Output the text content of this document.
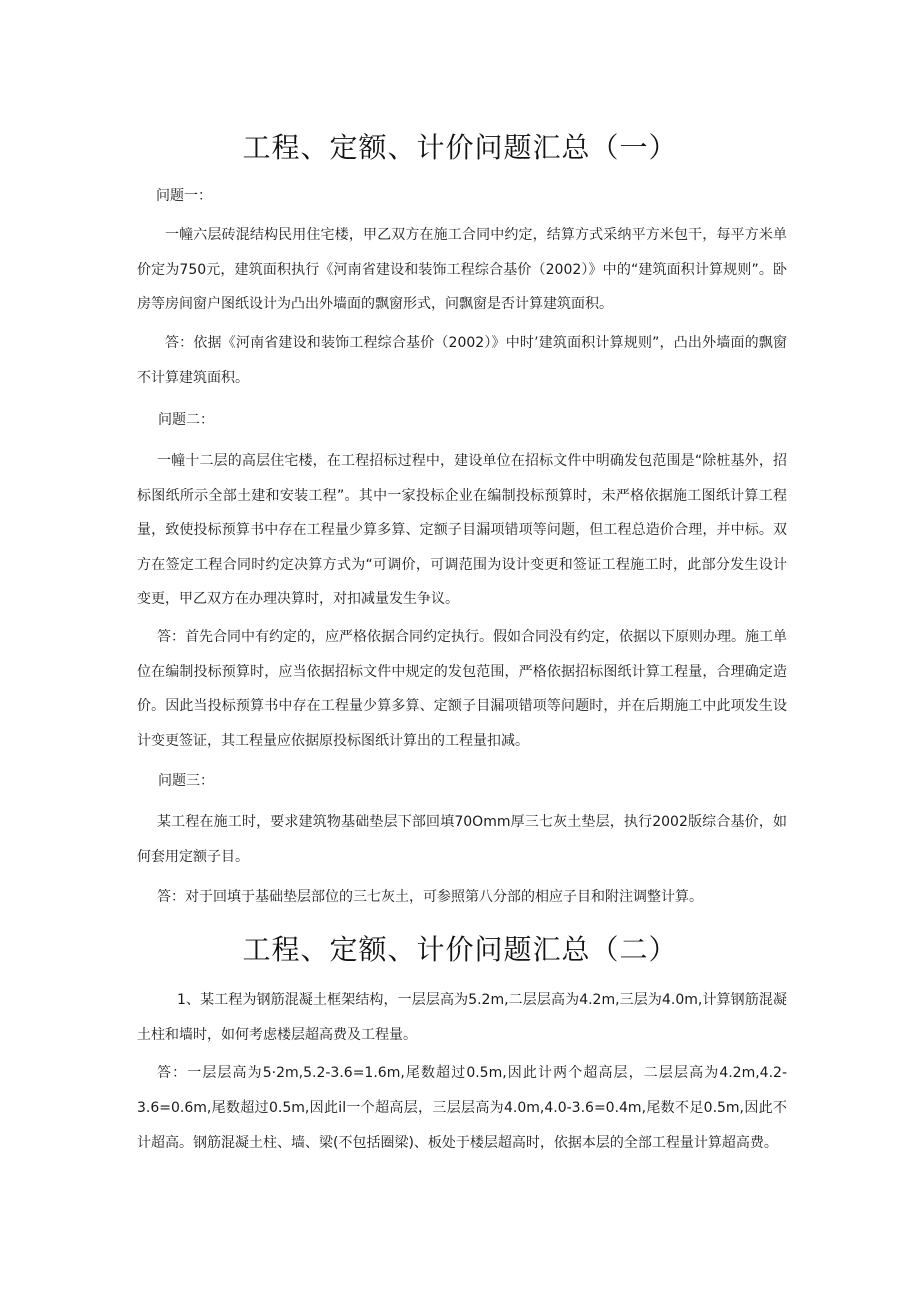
工程、定额、计价问题汇总（一）

问题一：

一幢六层砖混结构民用住宅楼，甲乙双方在施工合同中约定，结算方式采纳平方米包干，每平方米单价定为750元，建筑面积执行《河南省建设和装饰工程综合基价（2002）》中的“建筑面积计算规则”。卧房等房间窗户图纸设计为凸出外墙面的飘窗形式，问飘窗是否计算建筑面积。

答：依据《河南省建设和装饰工程综合基价（2002）》中时’建筑面积计算规则”，凸出外墙面的飘窗不计算建筑面积。

问题二：

一幢十二层的高层住宅楼，在工程招标过程中，建设单位在招标文件中明确发包范围是“除桩基外，招标图纸所示全部土建和安装工程”。其中一家投标企业在编制投标预算时，未严格依据施工图纸计算工程量，致使投标预算书中存在工程量少算多算、定额子目漏项错项等问题，但工程总造价合理，并中标。双方在签定工程合同时约定决算方式为“可调价，可调范围为设计变更和签证工程施工时，此部分发生设计变更，甲乙双方在办理决算时，对扣减量发生争议。

答：首先合同中有约定的，应严格依据合同约定执行。假如合同没有约定，依据以下原则办理。施工单位在编制投标预算时，应当依据招标文件中规定的发包范围，严格依据招标图纸计算工程量，合理确定造价。因此当投标预算书中存在工程量少算多算、定额子目漏项错项等问题时，并在后期施工中此项发生设计变更签证，其工程量应依据原投标图纸计算出的工程量扣减。

问题三：

某工程在施工时，要求建筑物基础垫层下部回填70Omm厚三七灰土垫层，执行2002版综合基价，如何套用定额子目。

答：对于回填于基础垫层部位的三七灰土，可参照第八分部的相应子目和附注调整计算。

工程、定额、计价问题汇总（二）

1、某工程为钢筋混凝土框架结构，一层层高为5.2m,二层层高为4.2m,三层为4.0m,计算钢筋混凝土柱和墙时，如何考虑楼层超高费及工程量。

答：一层层高为5·2m,5.2-3.6=1.6m,尾数超过0.5m,因此计两个超高层，二层层高为4.2m,4.2-3.6=0.6m,尾数超过0.5m,因此il一个超高层，三层层高为4.0m,4.0-3.6=0.4m,尾数不足0.5m,因此不计超高。钢筋混凝土柱、墙、梁(不包括圈梁)、板处于楼层超高时，依据本层的全部工程量计算超高费。
